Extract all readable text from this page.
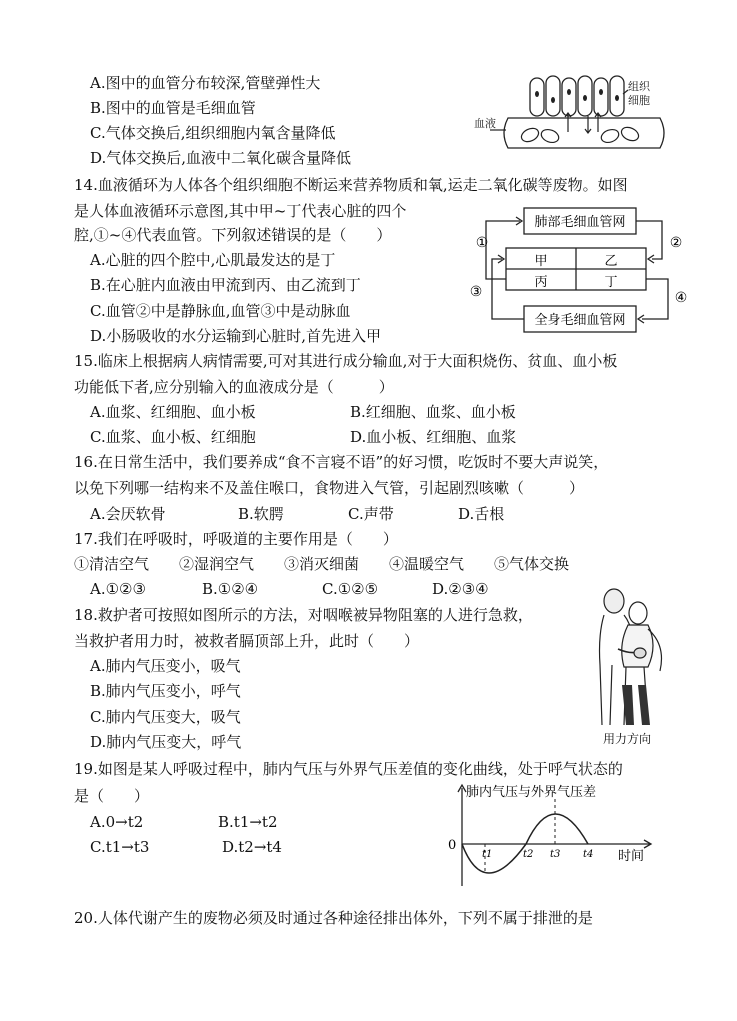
A.图中的血管分布较深,管壁弹性大
B.图中的血管是毛细血管
C.气体交换后,组织细胞内氧含量降低
D.气体交换后,血液中二氧化碳含量降低
组织
细胞
血液
14.血液循环为人体各个组织细胞不断运来营养物质和氧,运走二氧化碳等废物。如图
是人体血液循环示意图,其中甲~丁代表心脏的四个
腔,①~④代表血管。下列叙述错误的是（　　）
A.心脏的四个腔中,心肌最发达的是丁
B.在心脏内血液由甲流到丙、由乙流到丁
C.血管②中是静脉血,血管③中是动脉血
D.小肠吸收的水分运输到心脏时,首先进入甲
肺部毛细血管网
全身毛细血管网
甲	乙
丙	丁
①	②
③	④
15.临床上根据病人病情需要,可对其进行成分输血,对于大面积烧伤、贫血、血小板
功能低下者,应分别输入的血液成分是（　　　）
A.血浆、红细胞、血小板	B.红细胞、血浆、血小板
C.血浆、血小板、红细胞	D.血小板、红细胞、血浆
16.在日常生活中，我们要养成“食不言寝不语”的好习惯，吃饭时不要大声说笑，
以免下列哪一结构来不及盖住喉口，食物进入气管，引起剧烈咳嗽（　　　）
A.会厌软骨	B.软腭	C.声带	D.舌根
17.我们在呼吸时，呼吸道的主要作用是（　　）
①清洁空气　　②湿润空气　　③消灭细菌　　④温暖空气　　⑤气体交换
A.①②③	B.①②④	C.①②⑤	D.②③④
18.救护者可按照如图所示的方法，对咽喉被异物阻塞的人进行急救，
当救护者用力时，被救者膈顶部上升，此时（　　）
A.肺内气压变小，吸气
B.肺内气压变小，呼气
C.肺内气压变大，吸气
D.肺内气压变大，呼气	用力方向
19.如图是某人呼吸过程中，肺内气压与外界气压差值的变化曲线，处于呼气状态的
是（　　）
A.0→t2	B.t1→t2
C.t1→t3	D.t2→t4
肺内气压与外界气压差
0
t1	t2 t3 t4 时间
20.人体代谢产生的废物必须及时通过各种途径排出体外，下列不属于排泄的是
